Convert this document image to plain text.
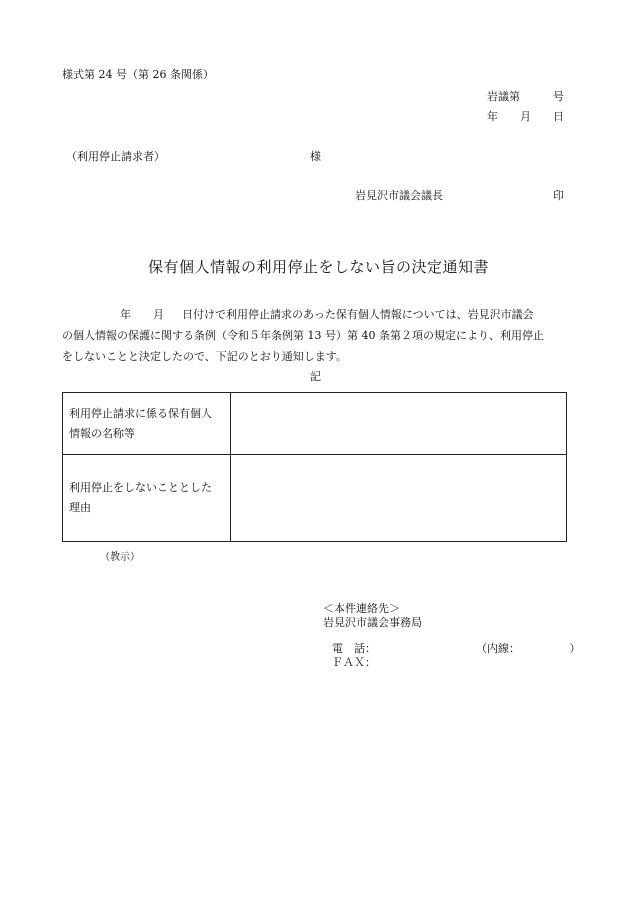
様式第 24 号（第 26 条関係）
岩議第　　　号
年　　月　　日
（利用停止請求者）	様
岩見沢市議会議長	印
保有個人情報の利用停止をしない旨の決定通知書
年　　月 日付けで利用停止請求のあった保有個人情報については、岩見沢市議会
の個人情報の保護に関する条例（令和５年条例第 13 号）第 40 条第２項の規定により、利用停止
をしないことと決定したので、下記のとおり通知します。
記
利用停止請求に係る保有個人
情報の名称等	

利用停止をしないこととした
理由	

（教示）
＜本件連絡先＞
岩見沢市議会事務局
電　話：	（内線：　　　　　）
ＦＡＸ：
